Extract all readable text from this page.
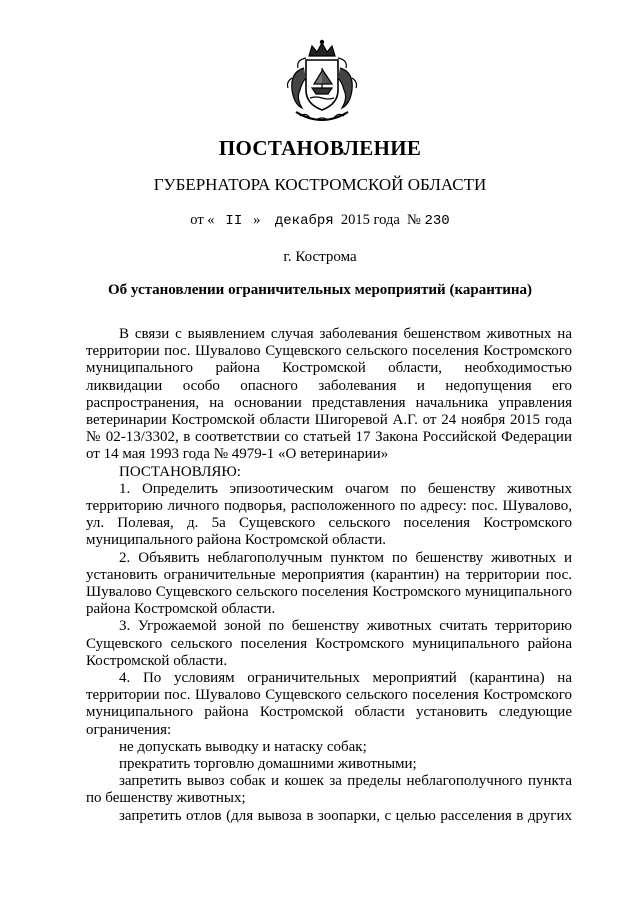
ПОСТАНОВЛЕНИЕ
ГУБЕРНАТОРА КОСТРОМСКОЙ ОБЛАСТИ
от « II » декабря 2015 года № 230
г. Кострома
Об установлении ограничительных мероприятий (карантина)

В связи с выявлением случая заболевания бешенством животных на территории пос. Шувалово Сущевского сельского поселения Костромского муниципального района Костромской области, необходимостью ликвидации особо опасного заболевания и недопущения его распространения, на основании представления начальника управления ветеринарии Костромской области Шигоревой А.Г. от 24 ноября 2015 года № 02-13/3302, в соответствии со статьей 17 Закона Российской Федерации от 14 мая 1993 года № 4979-1 «О ветеринарии»

ПОСТАНОВЛЯЮ:

1. Определить эпизоотическим очагом по бешенству животных территорию личного подворья, расположенного по адресу: пос. Шувалово, ул. Полевая, д. 5а Сущевского сельского поселения Костромского муниципального района Костромской области.

2. Объявить неблагополучным пунктом по бешенству животных и установить ограничительные мероприятия (карантин) на территории пос. Шувалово Сущевского сельского поселения Костромского муниципального района Костромской области.

3. Угрожаемой зоной по бешенству животных считать территорию Сущевского сельского поселения Костромского муниципального района Костромской области.

4. По условиям ограничительных мероприятий (карантина) на территории пос. Шувалово Сущевского сельского поселения Костромского муниципального района Костромской области установить следующие ограничения:

не допускать выводку и натаску собак;

прекратить торговлю домашними животными;

запретить вывоз собак и кошек за пределы неблагополучного пункта по бешенству животных;

запретить отлов (для вывоза в зоопарки, с целью расселения в других
